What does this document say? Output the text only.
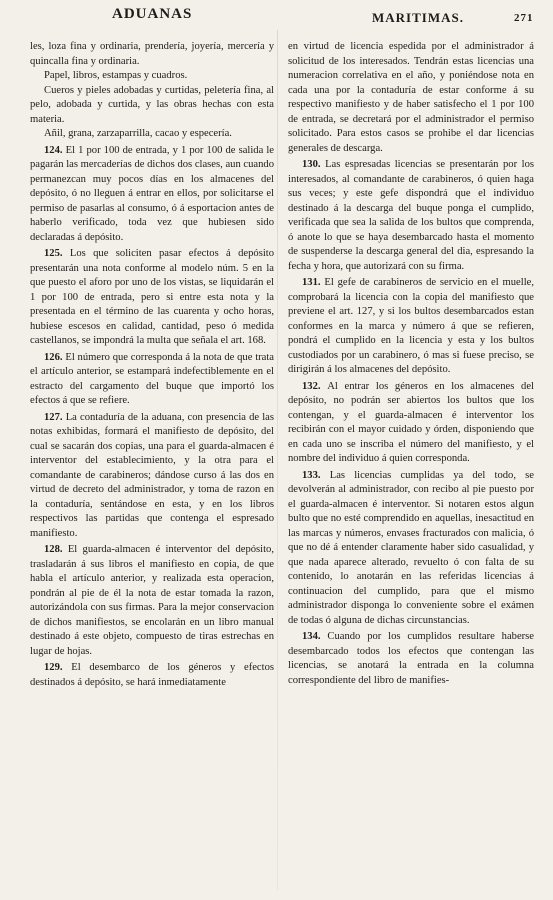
ADUANAS	MARITIMAS.	271

les, loza fina y ordinaria, prendería, joyería, mercería y quincalla fina y ordinaria.

Papel, libros, estampas y cuadros.

Cueros y pieles adobadas y curtidas, peletería fina, al pelo, adobada y curtida, y las obras hechas con esta materia.

Añil, grana, zarzaparrilla, cacao y especería.

124. El 1 por 100 de entrada, y 1 por 100 de salida le pagarán las mercaderías de dichos dos clases, aun cuando permanezcan muy pocos días en los almacenes del depósito, ó no lleguen á entrar en ellos, por solicitarse el permiso de pasarlas al consumo, ó á esportacion antes de haberlo verificado, toda vez que hubiesen sido declaradas á depósito.

125. Los que soliciten pasar efectos á depósito presentarán una nota conforme al modelo núm. 5 en la que puesto el aforo por uno de los vistas, se liquidarán el 1 por 100 de entrada, pero si entre esta nota y la presentada en el término de las cuarenta y ocho horas, hubiese escesos en calidad, cantidad, peso ó medida castellanos, se impondrá la multa que señala el art. 168.

126. El número que corresponda á la nota de que trata el artículo anterior, se estampará indefectiblemente en el estracto del cargamento del buque que importó los efectos á que se refiere.

127. La contaduría de la aduana, con presencia de las notas exhibidas, formará el manifiesto de depósito, del cual se sacarán dos copias, una para el guarda-almacen é interventor del establecimiento, y la otra para el comandante de carabineros; dándose curso á las dos en virtud de decreto del administrador, y toma de razon en la contaduría, sentándose en esta, y en los libros respectivos las partidas que contenga el espresado manifiesto.

128. El guarda-almacen é interventor del depósito, trasladarán á sus libros el manifiesto en copia, de que habla el artículo anterior, y realizada esta operacion, pondrán al pie de él la nota de estar tomada la razon, autorizándola con sus firmas. Para la mejor conservacion de dichos manifiestos, se encolarán en un libro manual destinado á este objeto, compuesto de tiras estrechas en lugar de hojas.

129. El desembarco de los géneros y efectos destinados á depósito, se hará inmediatamente

en virtud de licencia espedida por el administrador á solicitud de los interesados. Tendrán estas licencias una numeracion correlativa en el año, y poniéndose nota en cada una por la contaduría de estar conforme á su respectivo manifiesto y de haber satisfecho el 1 por 100 de entrada, se decretará por el administrador el permiso solicitado. Para estos casos se prohibe el dar licencias generales de descarga.

130. Las espresadas licencias se presentarán por los interesados, al comandante de carabineros, ó quien haga sus veces; y este gefe dispondrá que el individuo destinado á la descarga del buque ponga el cumplido, verificada que sea la salida de los bultos que comprenda, ó anote lo que se haya desembarcado hasta el momento de suspenderse la descarga general del dia, espresando la fecha y hora, que autorizará con su firma.

131. El gefe de carabineros de servicio en el muelle, comprobará la licencia con la copia del manifiesto que previene el art. 127, y si los bultos desembarcados estan conformes en la marca y número á que se refieren, pondrá el cumplido en la licencia y esta y los bultos custodiados por un carabinero, ó mas si fuese preciso, se dirigirán á los almacenes del depósito.

132. Al entrar los géneros en los almacenes del depósito, no podrán ser abiertos los bultos que los contengan, y el guarda-almacen é interventor los recibirán con el mayor cuidado y órden, disponiendo que en cada uno se inscriba el número del manifiesto, y el nombre del individuo á quien corresponda.

133. Las licencias cumplidas ya del todo, se devolverán al administrador, con recibo al pie puesto por el guarda-almacen é interventor. Si notaren estos algun bulto que no esté comprendido en aquellas, inesactitud en las marcas y números, envases fracturados con malicia, ó que no dé á entender claramente haber sido casualidad, y que nada aparece alterado, revuelto ó con falta de su contenido, lo anotarán en las referidas licencias á continuacion del cumplido, para que el mismo administrador disponga lo conveniente sobre el exámen de todas ó alguna de dichas circunstancias.

134. Cuando por los cumplidos resultare haberse desembarcado todos los efectos que contengan las licencias, se anotará la entrada en la columna correspondiente del libro de manifies-
